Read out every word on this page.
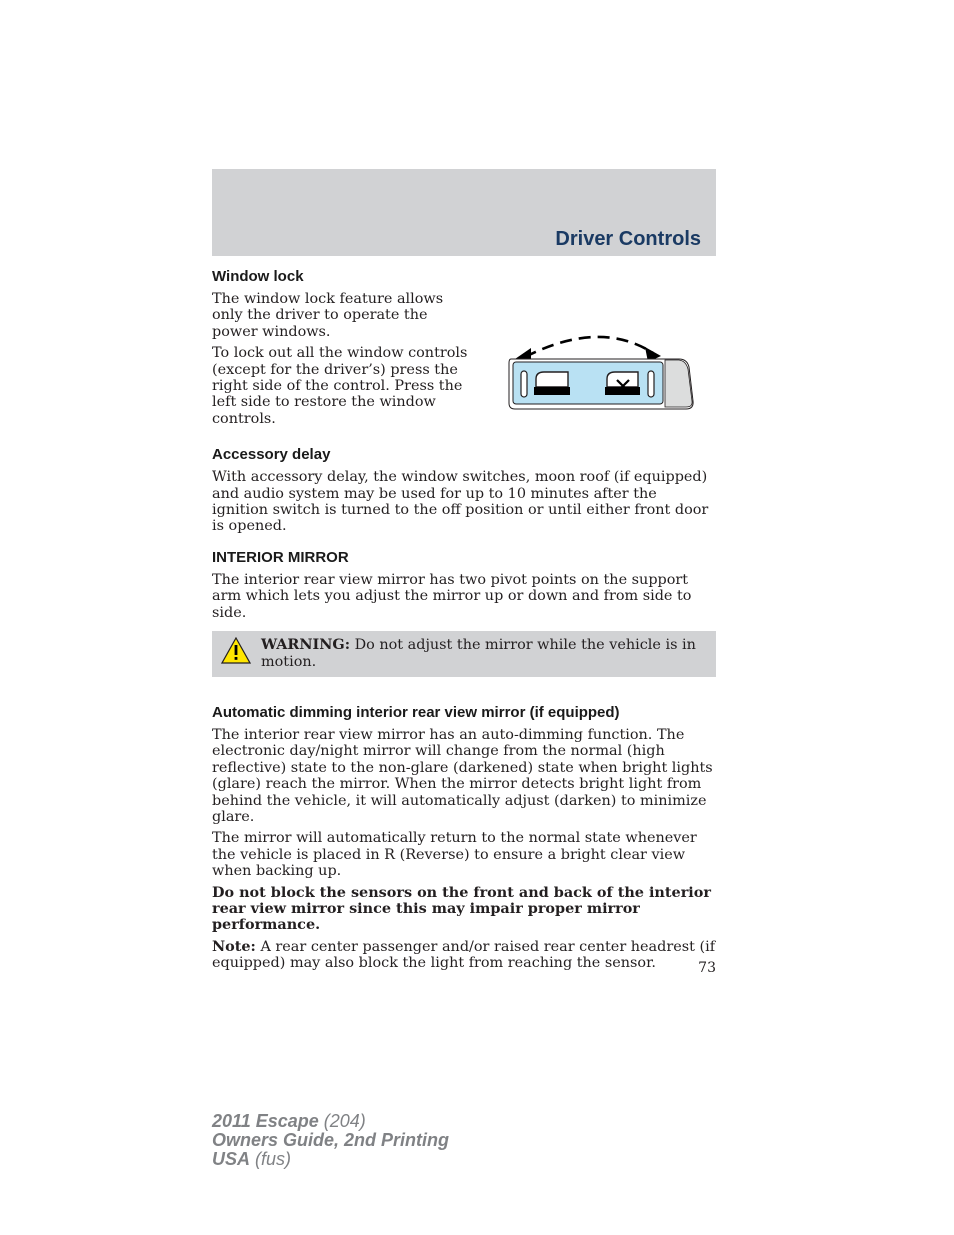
Driver Controls
Window lock

The window lock feature allows only the driver to operate the power windows.

To lock out all the window controls (except for the driver’s) press the right side of the control. Press the left side to restore the window controls.

Accessory delay

With accessory delay, the window switches, moon roof (if equipped) and audio system may be used for up to 10 minutes after the ignition switch is turned to the off position or until either front door is opened.

INTERIOR MIRROR

The interior rear view mirror has two pivot points on the support arm which lets you adjust the mirror up or down and from side to side.

WARNING: Do not adjust the mirror while the vehicle is in motion.

Automatic dimming interior rear view mirror (if equipped)

The interior rear view mirror has an auto-dimming function. The electronic day/night mirror will change from the normal (high reflective) state to the non-glare (darkened) state when bright lights (glare) reach the mirror. When the mirror detects bright light from behind the vehicle, it will automatically adjust (darken) to minimize glare.

The mirror will automatically return to the normal state whenever the vehicle is placed in R (Reverse) to ensure a bright clear view when backing up.

Do not block the sensors on the front and back of the interior rear view mirror since this may impair proper mirror performance.

Note: A rear center passenger and/or raised rear center headrest (if equipped) may also block the light from reaching the sensor.	73
2011 Escape (204)
Owners Guide, 2nd Printing
USA (fus)
